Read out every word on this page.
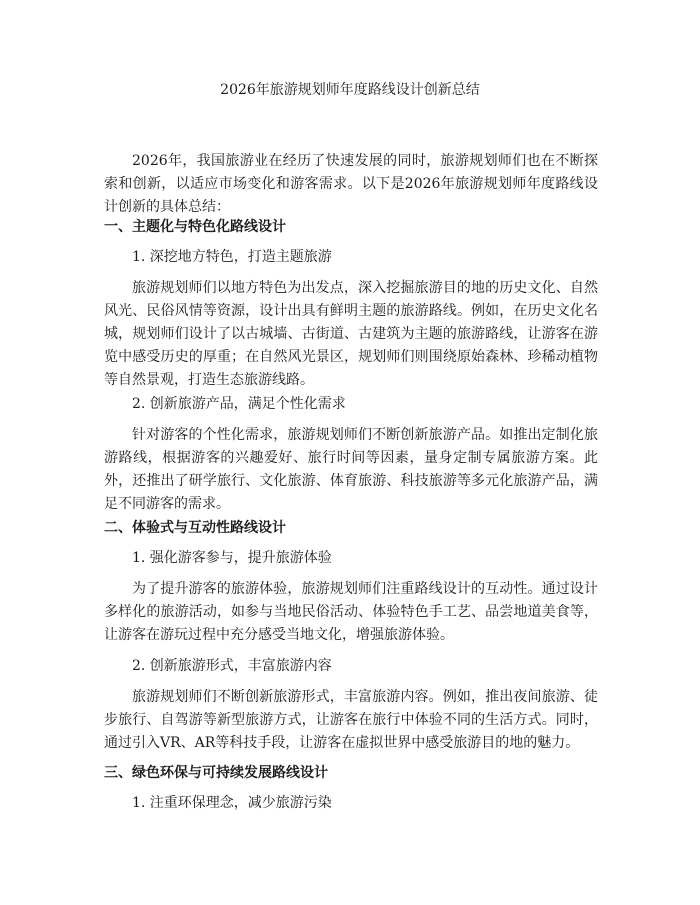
2026年旅游规划师年度路线设计创新总结

2026年，我国旅游业在经历了快速发展的同时，旅游规划师们也在不断探索和创新，以适应市场变化和游客需求。以下是2026年旅游规划师年度路线设计创新的具体总结：

一、主题化与特色化路线设计
1. 深挖地方特色，打造主题旅游

旅游规划师们以地方特色为出发点，深入挖掘旅游目的地的历史文化、自然风光、民俗风情等资源，设计出具有鲜明主题的旅游路线。例如，在历史文化名城，规划师们设计了以古城墙、古街道、古建筑为主题的旅游路线，让游客在游览中感受历史的厚重；在自然风光景区，规划师们则围绕原始森林、珍稀动植物等自然景观，打造生态旅游线路。

2. 创新旅游产品，满足个性化需求

针对游客的个性化需求，旅游规划师们不断创新旅游产品。如推出定制化旅游路线，根据游客的兴趣爱好、旅行时间等因素，量身定制专属旅游方案。此外，还推出了研学旅行、文化旅游、体育旅游、科技旅游等多元化旅游产品，满足不同游客的需求。

二、体验式与互动性路线设计
1. 强化游客参与，提升旅游体验

为了提升游客的旅游体验，旅游规划师们注重路线设计的互动性。通过设计多样化的旅游活动，如参与当地民俗活动、体验特色手工艺、品尝地道美食等，让游客在游玩过程中充分感受当地文化，增强旅游体验。

2. 创新旅游形式，丰富旅游内容

旅游规划师们不断创新旅游形式，丰富旅游内容。例如，推出夜间旅游、徒步旅行、自驾游等新型旅游方式，让游客在旅行中体验不同的生活方式。同时，通过引入VR、AR等科技手段，让游客在虚拟世界中感受旅游目的地的魅力。

三、绿色环保与可持续发展路线设计
1. 注重环保理念，减少旅游污染
